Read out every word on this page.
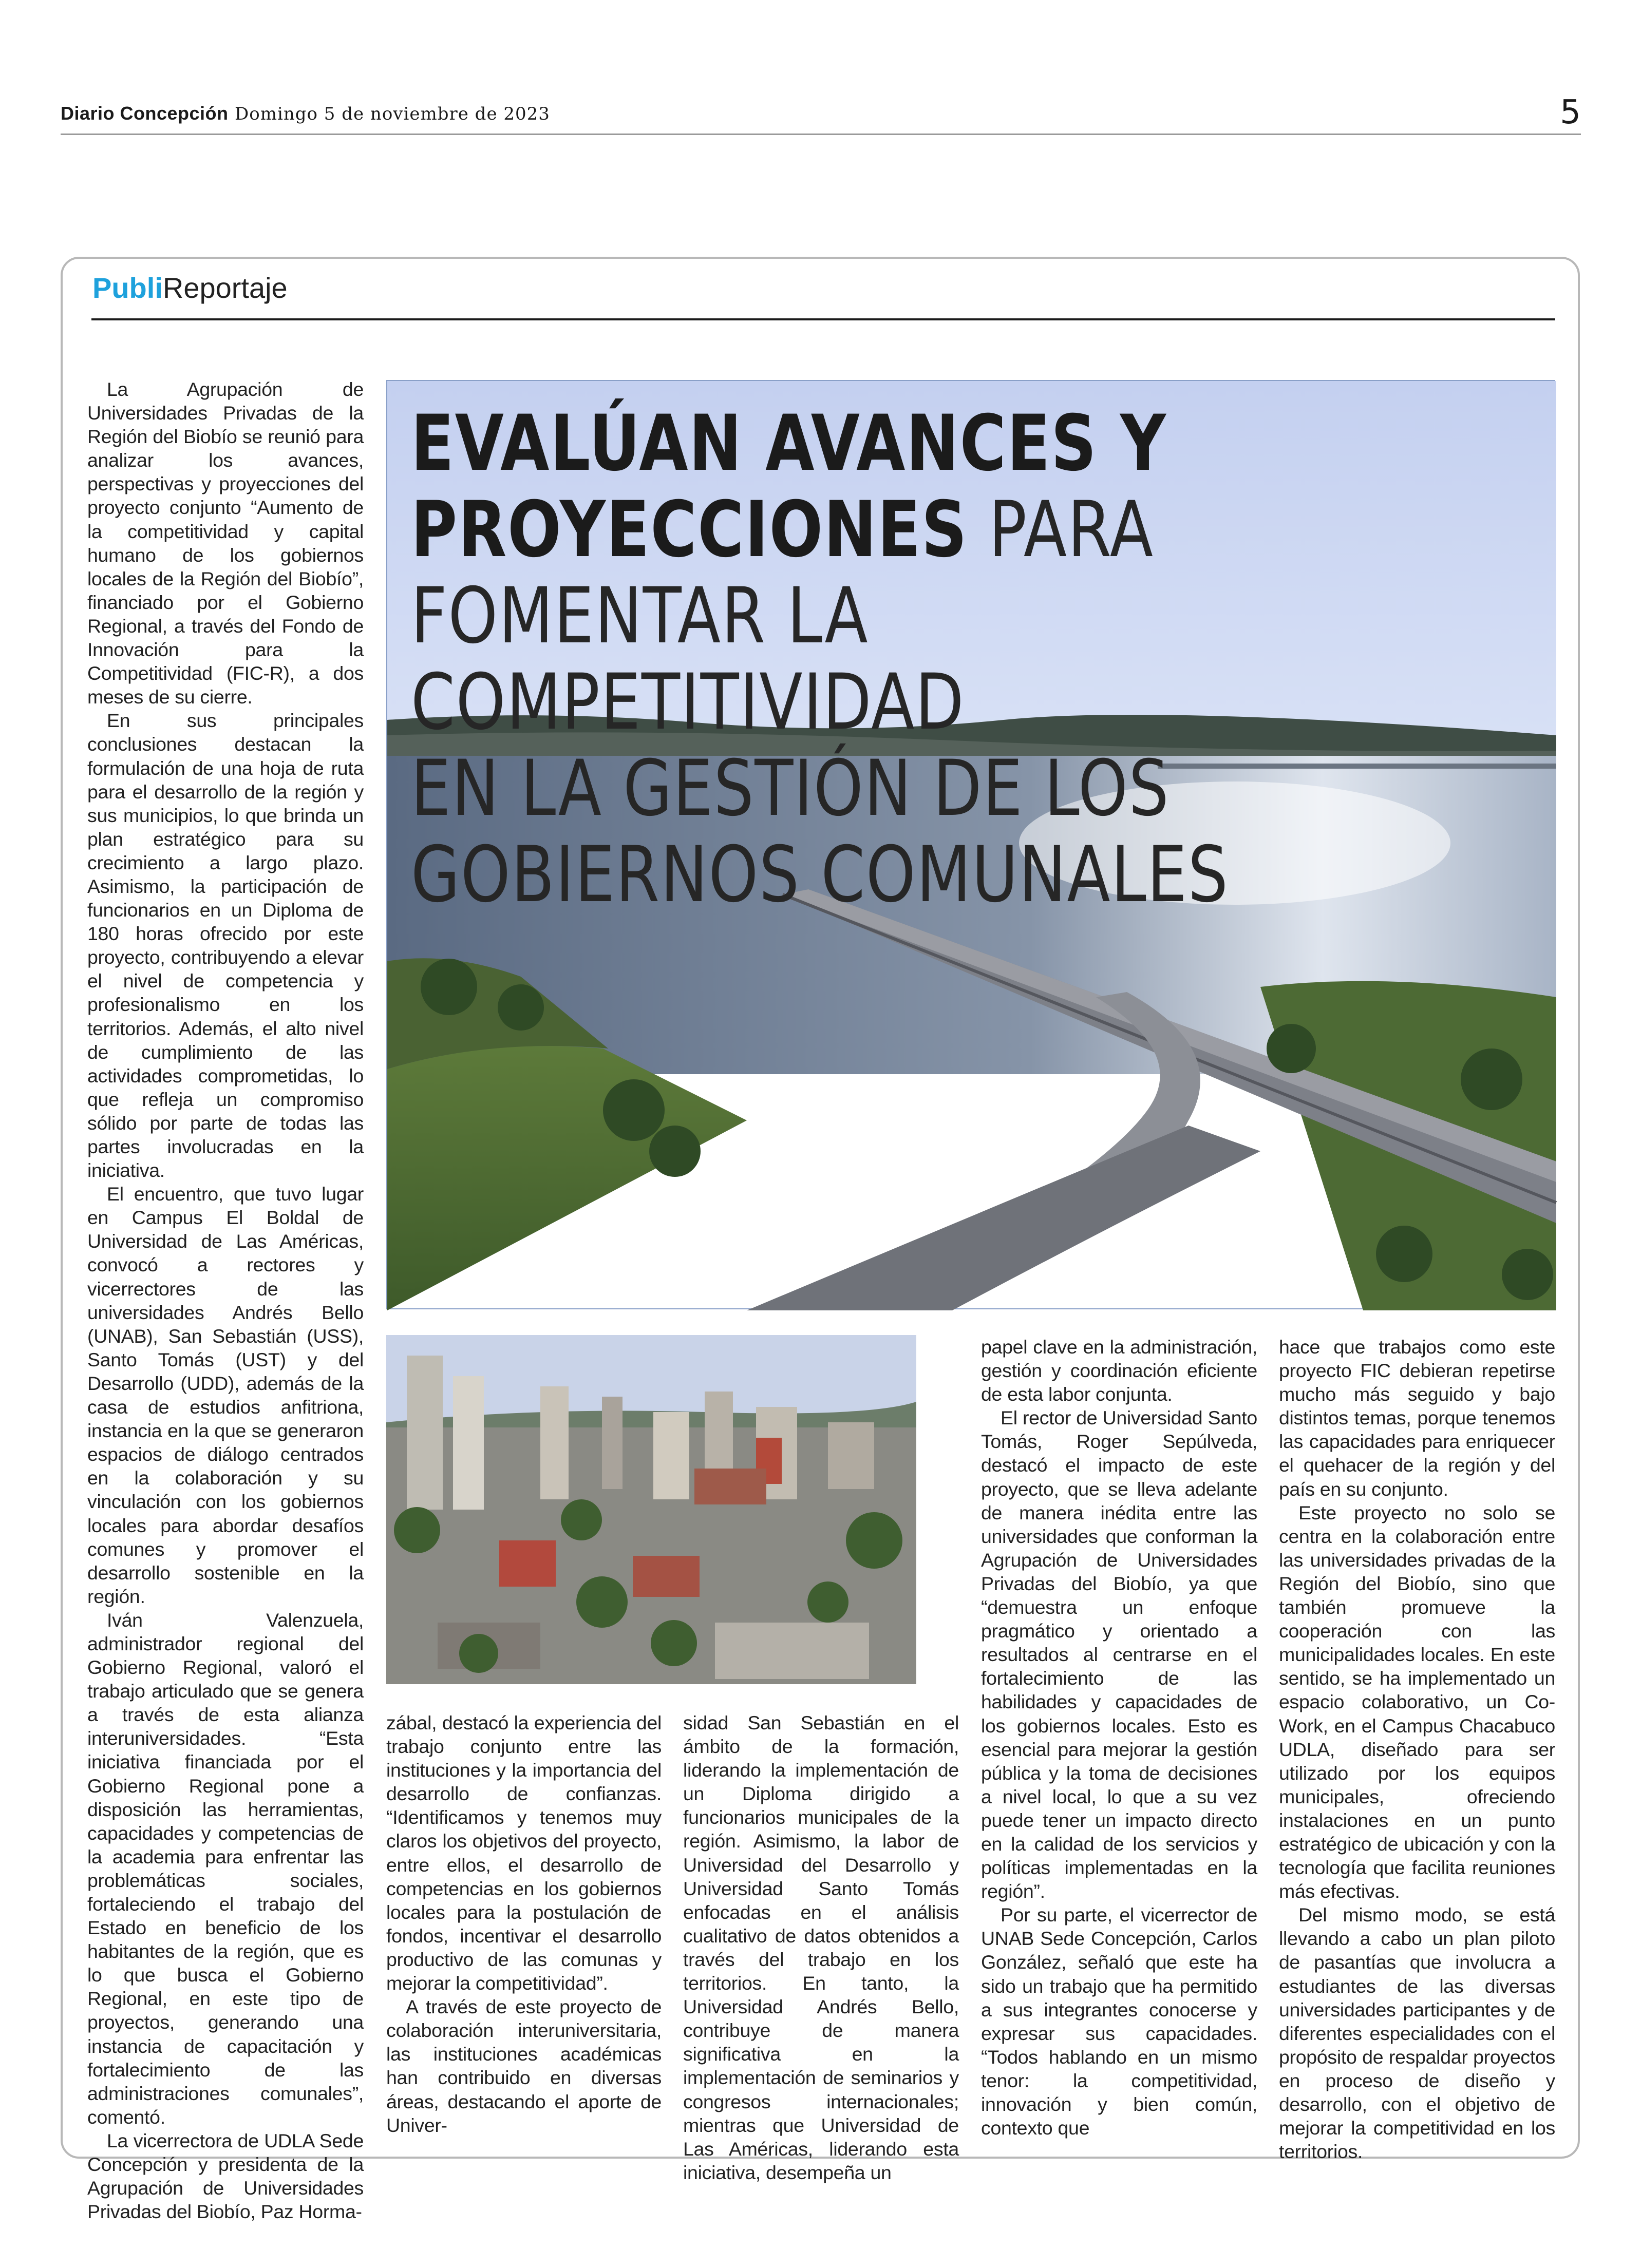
Diario Concepción Domingo 5 de noviembre de 2023	5
PubliReportaje
EVALÚAN AVANCES Y
PROYECCIONES PARA
FOMENTAR LA COMPETITIVIDAD
EN LA GESTIÓN DE LOS
GOBIERNOS COMUNALES

La Agrupación de Universidades Privadas de la Región del Biobío se reunió para analizar los avances, perspectivas y proyecciones del proyecto conjunto “Aumento de la competitividad y capital humano de los gobiernos locales de la Región del Biobío”, financiado por el Gobierno Regional, a través del Fondo de Innovación para la Competitividad (FIC-R), a dos meses de su cierre.

En sus principales conclusiones destacan la formulación de una hoja de ruta para el desarrollo de la región y sus municipios, lo que brinda un plan estratégico para su crecimiento a largo plazo. Asimismo, la participación de funcionarios en un Diploma de 180 horas ofrecido por este proyecto, contribuyendo a elevar el nivel de competencia y profesionalismo en los territorios. Además, el alto nivel de cumplimiento de las actividades comprometidas, lo que refleja un compromiso sólido por parte de todas las partes involucradas en la iniciativa.

El encuentro, que tuvo lugar en Campus El Boldal de Universidad de Las Américas, convocó a rectores y vicerrectores de las universidades Andrés Bello (UNAB), San Sebastián (USS), Santo Tomás (UST) y del Desarrollo (UDD), además de la casa de estudios anfitriona, instancia en la que se generaron espacios de diálogo centrados en la colaboración y su vinculación con los gobiernos locales para abordar desafíos comunes y promover el desarrollo sostenible en la región.

Iván Valenzuela, administrador regional del Gobierno Regional, valoró el trabajo articulado que se genera a través de esta alianza interuniversidades. “Esta iniciativa financiada por el Gobierno Regional pone a disposición las herramientas, capacidades y competencias de la academia para enfrentar las problemáticas sociales, fortaleciendo el trabajo del Estado en beneficio de los habitantes de la región, que es lo que busca el Gobierno Regional, en este tipo de proyectos, generando una instancia de capacitación y fortalecimiento de las administraciones comunales”, comentó.

La vicerrectora de UDLA Sede Concepción y presidenta de la Agrupación de Universidades Privadas del Biobío, Paz Horma-

zábal, destacó la experiencia del trabajo conjunto entre las instituciones y la importancia del desarrollo de confianzas. “Identificamos y tenemos muy claros los objetivos del proyecto, entre ellos, el desarrollo de competencias en los gobiernos locales para la postulación de fondos, incentivar el desarrollo productivo de las comunas y mejorar la competitividad”.

A través de este proyecto de colaboración interuniversitaria, las instituciones académicas han contribuido en diversas áreas, destacando el aporte de Univer-

sidad San Sebastián en el ámbito de la formación, liderando la implementación de un Diploma dirigido a funcionarios municipales de la región. Asimismo, la labor de Universidad del Desarrollo y Universidad Santo Tomás enfocadas en el análisis cualitativo de datos obtenidos a través del trabajo en los territorios. En tanto, la Universidad Andrés Bello, contribuye de manera significativa en la implementación de seminarios y congresos internacionales; mientras que Universidad de Las Américas, liderando esta iniciativa, desempeña un

papel clave en la administración, gestión y coordinación eficiente de esta labor conjunta.

El rector de Universidad Santo Tomás, Roger Sepúlveda, destacó el impacto de este proyecto, que se lleva adelante de manera inédita entre las universidades que conforman la Agrupación de Universidades Privadas del Biobío, ya que “demuestra un enfoque pragmático y orientado a resultados al centrarse en el fortalecimiento de las habilidades y capacidades de los gobiernos locales. Esto es esencial para mejorar la gestión pública y la toma de decisiones a nivel local, lo que a su vez puede tener un impacto directo en la calidad de los servicios y políticas implementadas en la región”.

Por su parte, el vicerrector de UNAB Sede Concepción, Carlos González, señaló que este ha sido un trabajo que ha permitido a sus integrantes conocerse y expresar sus capacidades. “Todos hablando en un mismo tenor: la competitividad, innovación y bien común, contexto que

hace que trabajos como este proyecto FIC debieran repetirse mucho más seguido y bajo distintos temas, porque tenemos las capacidades para enriquecer el quehacer de la región y del país en su conjunto.

Este proyecto no solo se centra en la colaboración entre las universidades privadas de la Región del Biobío, sino que también promueve la cooperación con las municipalidades locales. En este sentido, se ha implementado un espacio colaborativo, un Co-Work, en el Campus Chacabuco UDLA, diseñado para ser utilizado por los equipos municipales, ofreciendo instalaciones en un punto estratégico de ubicación y con la tecnología que facilita reuniones más efectivas.

Del mismo modo, se está llevando a cabo un plan piloto de pasantías que involucra a estudiantes de las diversas universidades participantes y de diferentes especialidades con el propósito de respaldar proyectos en proceso de diseño y desarrollo, con el objetivo de mejorar la competitividad en los territorios.
